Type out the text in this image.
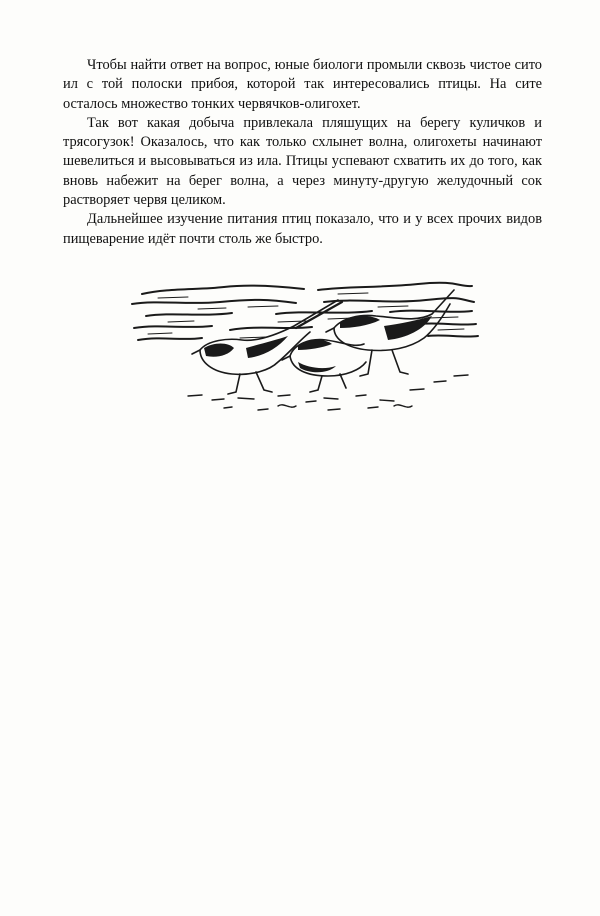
Чтобы найти ответ на вопрос, юные биологи промыли сквозь чистое сито ил с той полоски прибоя, которой так интересовались птицы. На сите осталось множество тонких червячков-олигохет.

Так вот какая добыча привлекала пляшущих на берегу куличков и трясогузок! Оказалось, что как только схлынет волна, олигохеты начинают шевелиться и высовываться из ила. Птицы успевают схватить их до того, как вновь набежит на берег волна, а через минуту-другую желудочный сок растворяет червя целиком.

Дальнейшее изучение питания птиц показало, что и у всех прочих видов пищеварение идёт почти столь же быстро.
